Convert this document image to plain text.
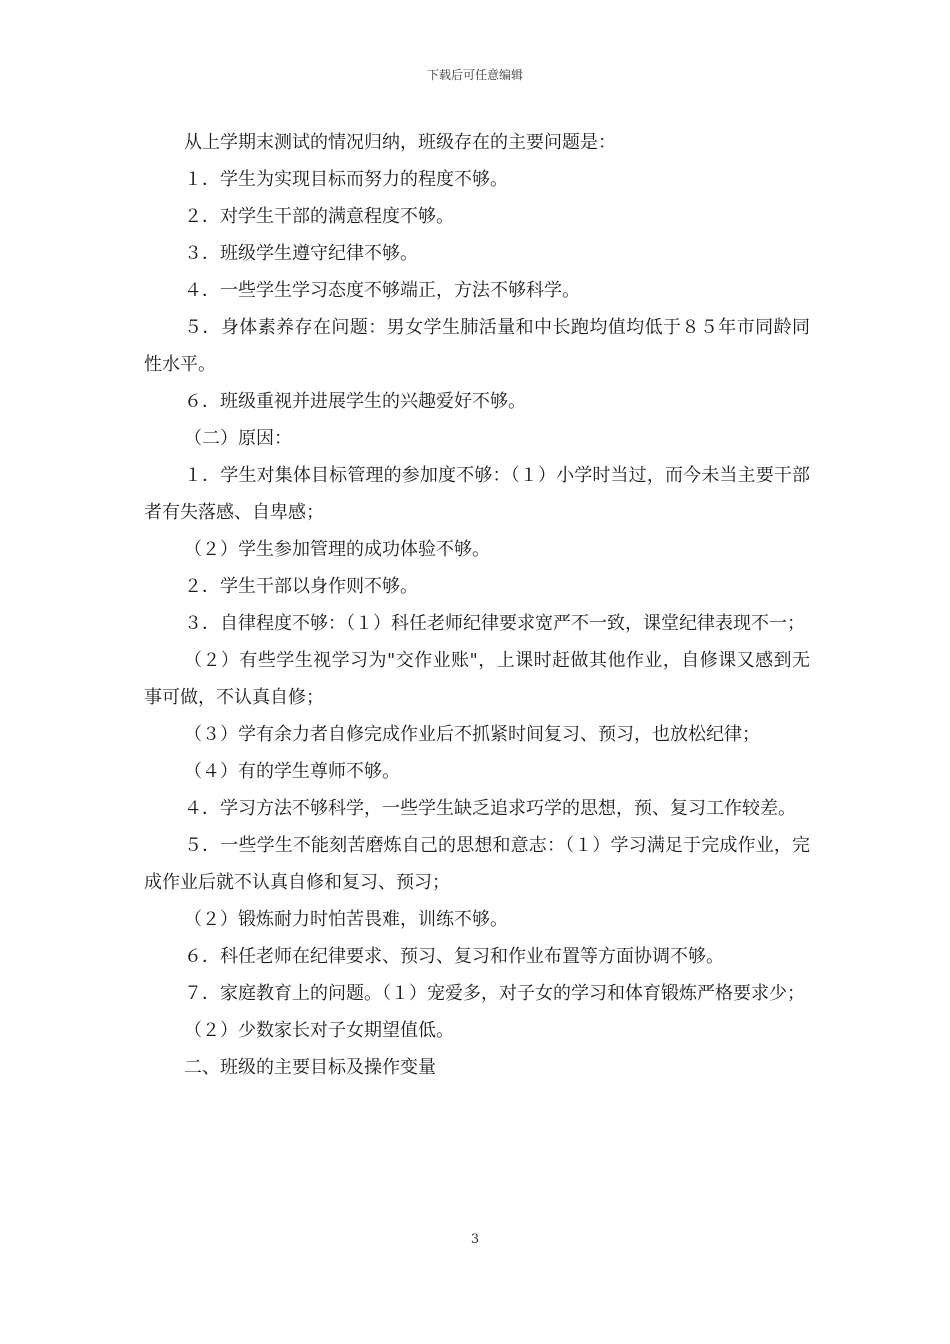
下载后可任意编辑

从上学期末测试的情况归纳，班级存在的主要问题是：

１．学生为实现目标而努力的程度不够。

２．对学生干部的满意程度不够。

３．班级学生遵守纪律不够。

４．一些学生学习态度不够端正，方法不够科学。

５．身体素养存在问题：男女学生肺活量和中长跑均值均低于８５年市同龄同性水平。

６．班级重视并进展学生的兴趣爱好不够。

（二）原因：

１．学生对集体目标管理的参加度不够：（１）小学时当过，而今未当主要干部者有失落感、自卑感；

（２）学生参加管理的成功体验不够。

２．学生干部以身作则不够。

３．自律程度不够：（１）科任老师纪律要求宽严不一致，课堂纪律表现不一；

（２）有些学生视学习为"交作业账"，上课时赶做其他作业，自修课又感到无事可做，不认真自修；

（３）学有余力者自修完成作业后不抓紧时间复习、预习，也放松纪律；

（４）有的学生尊师不够。

４．学习方法不够科学，一些学生缺乏追求巧学的思想，预、复习工作较差。

５．一些学生不能刻苦磨炼自己的思想和意志：（１）学习满足于完成作业，完成作业后就不认真自修和复习、预习；

（２）锻炼耐力时怕苦畏难，训练不够。

６．科任老师在纪律要求、预习、复习和作业布置等方面协调不够。

７．家庭教育上的问题。（１）宠爱多，对子女的学习和体育锻炼严格要求少；

（２）少数家长对子女期望值低。

二、班级的主要目标及操作变量

3
